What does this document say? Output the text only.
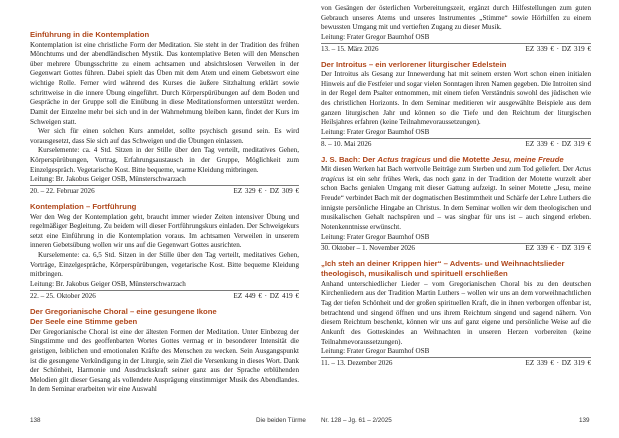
Einführung in die Kontemplation

Kontemplation ist eine christliche Form der Meditation. Sie steht in der Tradition des frühen Mönchtums und der abendländischen Mystik. Das kontemplative Beten will den Menschen über mehrere Übungsschritte zu einem achtsamen und absichtslosen Verweilen in der Gegenwart Gottes führen. Dabei spielt das Üben mit dem Atem und einem Gebetswort eine wichtige Rolle. Ferner wird während des Kurses die äußere Sitzhaltung erklärt sowie schrittweise in die innere Übung eingeführt. Durch Körperspürübungen auf dem Boden und Gespräche in der Gruppe soll die Einübung in diese Meditationsformen unterstützt werden. Damit der Einzelne mehr bei sich und in der Wahrnehmung bleiben kann, findet der Kurs im Schweigen statt.

Wer sich für einen solchen Kurs anmeldet, sollte psychisch gesund sein. Es wird vorausgesetzt, dass Sie sich auf das Schweigen und die Übungen einlassen.

Kurselemente: ca. 4 Std. Sitzen in der Stille über den Tag verteilt, meditatives Gehen, Körperspürübungen, Vortrag, Erfahrungsaustausch in der Gruppe, Möglichkeit zum Einzelgespräch. Vegetarische Kost. Bitte bequeme, warme Kleidung mitbringen.

Leitung: Br. Jakobus Geiger OSB, Münsterschwarzach
20. – 22. Februar 2026	EZ 329 € · DZ 309 €
Kontemplation – Fortführung

Wer den Weg der Kontemplation geht, braucht immer wieder Zeiten intensiver Übung und regelmäßiger Begleitung. Zu beidem will dieser Fortführungskurs einladen. Der Schweigekurs setzt eine Einführung in die Kontemplation voraus. Im achtsamen Verweilen in unserem inneren Gebetsübung wollen wir uns auf die Gegenwart Gottes ausrichten.

Kurselemente: ca. 6,5 Std. Sitzen in der Stille über den Tag verteilt, meditatives Gehen, Vorträge, Einzelgespräche, Körperspürübungen, vegetarische Kost. Bitte bequeme Kleidung mitbringen.

Leitung: Br. Jakobus Geiger OSB, Münsterschwarzach
22. – 25. Oktober 2026	EZ 449 € · DZ 419 €
Der Gregorianische Choral – eine gesungene Ikone
Der Seele eine Stimme geben

Der Gregorianische Choral ist eine der ältesten Formen der Meditation. Unter Einbezug der Singstimme und des geoffenbarten Wortes Gottes vermag er in besonderer Intensität die geistigen, leiblichen und emotionalen Kräfte des Menschen zu wecken. Sein Ausgangspunkt ist die gesungene Verkündigung in der Liturgie, sein Ziel die Versenkung in dieses Wort. Dank der Schönheit, Harmonie und Ausdruckskraft seiner ganz aus der Sprache erblühenden Melodien gilt dieser Gesang als vollendete Ausprägung einstimmiger Musik des Abendlandes. In dem Seminar erarbeiten wir eine Auswahl

138	Die beiden Türme

von Gesängen der österlichen Vorbereitungszeit, ergänzt durch Hilfestellungen zum guten Gebrauch unseres Atems und unseres Instrumentes „Stimme“ sowie Hörhilfen zu einem bewussten Umgang mit und vertieften Zugang zu dieser Musik.

Leitung: Frater Gregor Baumhof OSB
13. – 15. März 2026	EZ 339 € · DZ 319 €
Der Introitus – ein verlorener liturgischer Edelstein

Der Introitus als Gesang zur Innewerdung hat mit seinem ersten Wort schon einen initialen Hinweis auf die Festfeier und sogar vielen Sonntagen ihren Namen gegeben. Die Introiten sind in der Regel dem Psalter entnommen, mit einem tiefen Verständnis sowohl des jüdischen wie des christlichen Horizonts. In dem Seminar meditieren wir ausgewählte Beispiele aus dem ganzen liturgischen Jahr und können so die Tiefe und den Reichtum der liturgischen Heilsjahres erfahren (keine Teilnahmevoraussetzungen).

Leitung: Frater Gregor Baumhof OSB
8. – 10. Mai 2026	EZ 339 € · DZ 319 €
J. S. Bach: Der Actus tragicus und die Motette Jesu, meine Freude

Mit diesen Werken hat Bach wertvolle Beiträge zum Sterben und zum Tod geliefert. Der Actus tragicus ist ein sehr frühes Werk, das noch ganz in der Tradition der Motette wurzelt aber schon Bachs genialen Umgang mit dieser Gattung aufzeigt. In seiner Motette „Jesu, meine Freude“ verbindet Bach mit der dogmatischen Bestimmtheit und Schärfe der Lehre Luthers die innigste persönliche Hingabe an Christus. In dem Seminar wollen wir dem theologischen und musikalischen Gehalt nachspüren und – was singbar für uns ist – auch singend erleben. Notenkenntnisse erwünscht.

Leitung: Frater Gregor Baumhof OSB
30. Oktober – 1. November 2026	EZ 339 € · DZ 319 €
„Ich steh an deiner Krippen hier“ – Advents- und Weihnachtslieder theologisch, musikalisch und spirituell erschließen

Anhand unterschiedlicher Lieder – vom Gregorianischen Choral bis zu den deutschen Kirchenliedern aus der Tradition Martin Luthers – wollen wir uns an dem vorweihnachtlichen Tag der tiefen Schönheit und der großen spirituellen Kraft, die in ihnen verborgen offenbar ist, betrachtend und singend öffnen und uns ihrem Reichtum singend und sagend nähern. Von diesem Reichtum beschenkt, können wir uns auf ganz eigene und persönliche Weise auf die Ankunft des Gotteskindes an Weihnachten in unseren Herzen vorbereiten (keine Teilnahmevoraussetzungen).

Leitung: Frater Gregor Baumhof OSB
11. – 13. Dezember 2026	EZ 339 € · DZ 319 €
Nr. 128 – Jg. 61 – 2/2025	139
